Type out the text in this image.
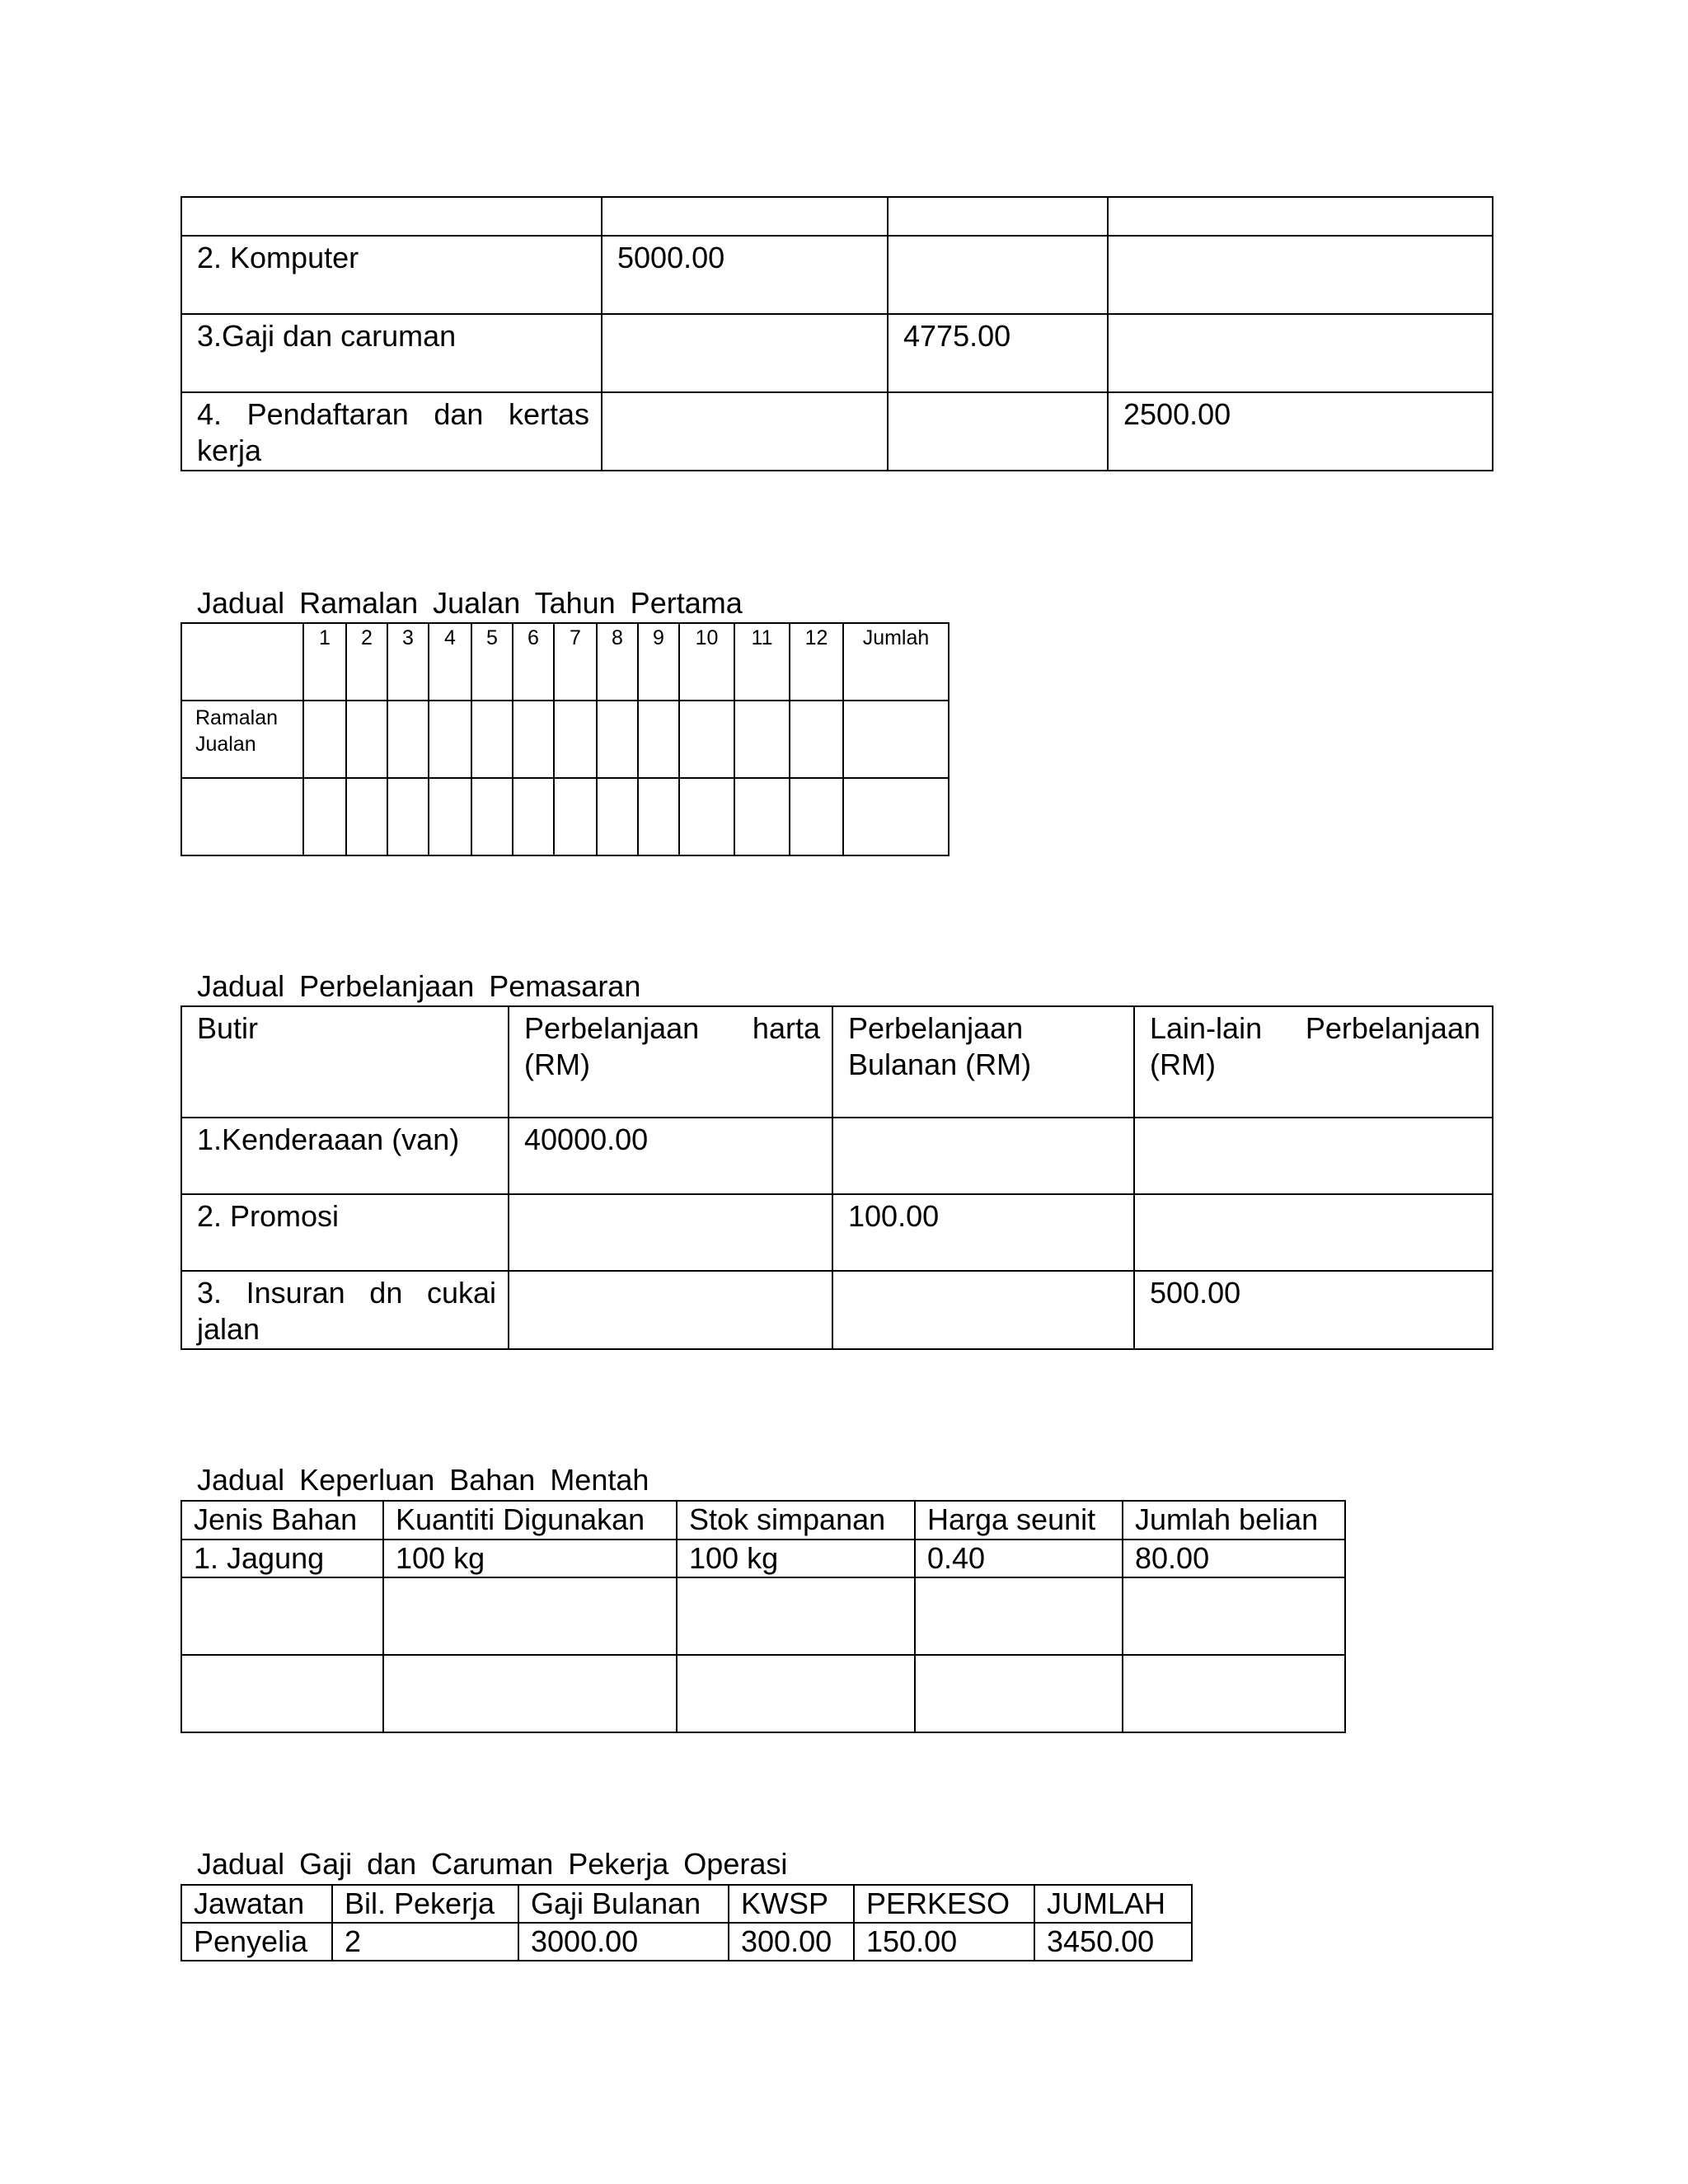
2. Komputer	5000.00		

3.Gaji dan caruman		4775.00	

4. Pendaftaran dan kertas kerja			2500.00
Jadual Ramalan Jualan Tahun Pertama

	1	2	3	4	5	6	7	8	9	10	11	12	Jumlah

Ramalan Jualan													

Jadual Perbelanjaan Pemasaran
Butir	Perbelanjaan harta (RM)	Perbelanjaan Bulanan (RM)	Lain-lain Perbelanjaan (RM)

1.Kenderaaan (van)	40000.00		

2. Promosi		100.00	

3. Insuran dn cukai jalan			500.00
Jadual Keperluan Bahan Mentah
Jenis Bahan	Kuantiti Digunakan	Stok simpanan	Harga seunit	Jumlah belian

1. Jagung	100 kg	100 kg	0.40	80.00

Jadual Gaji dan Caruman Pekerja Operasi
Jawatan	Bil. Pekerja	Gaji Bulanan	KWSP	PERKESO	JUMLAH

Penyelia	2	3000.00	300.00	150.00	3450.00
